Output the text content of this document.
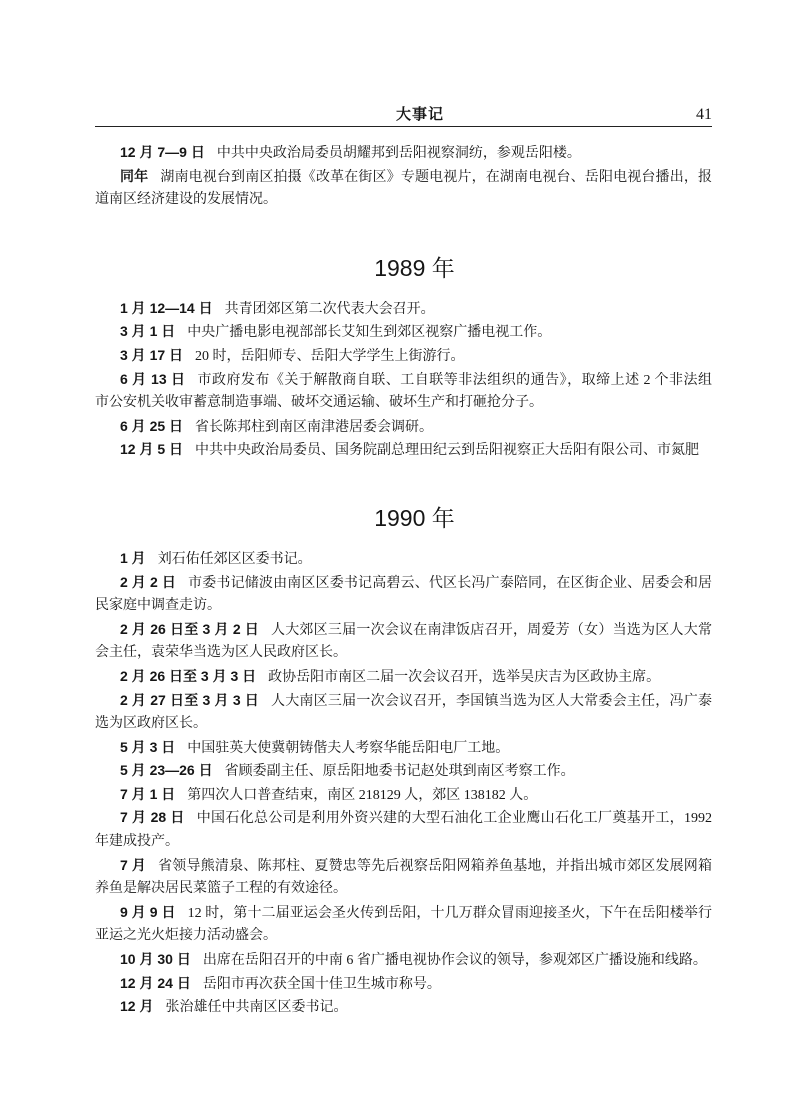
大事记	41
12 月 7—9 日 中共中央政治局委员胡耀邦到岳阳视察洞纺，参观岳阳楼。
同年 湖南电视台到南区拍摄《改革在街区》专题电视片，在湖南电视台、岳阳电视台播出，报
道南区经济建设的发展情况。
1989 年
1 月 12—14 日 共青团郊区第二次代表大会召开。
3 月 1 日 中央广播电影电视部部长艾知生到郊区视察广播电视工作。
3 月 17 日 20 时，岳阳师专、岳阳大学学生上街游行。
6 月 13 日 市政府发布《关于解散商自联、工自联等非法组织的通告》，取缔上述 2 个非法组
市公安机关收审蓄意制造事端、破坏交通运输、破坏生产和打砸抢分子。
6 月 25 日 省长陈邦柱到南区南津港居委会调研。
12 月 5 日 中共中央政治局委员、国务院副总理田纪云到岳阳视察正大岳阳有限公司、市氮肥
1990 年
1 月 刘石佑任郊区区委书记。
2 月 2 日 市委书记储波由南区区委书记高碧云、代区长冯广泰陪同，在区街企业、居委会和居
民家庭中调查走访。
2 月 26 日至 3 月 2 日 人大郊区三届一次会议在南津饭店召开，周爱芳（女）当选为区人大常
会主任，袁荣华当选为区人民政府区长。
2 月 26 日至 3 月 3 日 政协岳阳市南区二届一次会议召开，选举吴庆吉为区政协主席。
2 月 27 日至 3 月 3 日 人大南区三届一次会议召开，李国镇当选为区人大常委会主任，冯广泰
选为区政府区长。
5 月 3 日 中国驻英大使冀朝铸偕夫人考察华能岳阳电厂工地。
5 月 23—26 日 省顾委副主任、原岳阳地委书记赵处琪到南区考察工作。
7 月 1 日 第四次人口普查结束，南区 218129 人，郊区 138182 人。
7 月 28 日 中国石化总公司是利用外资兴建的大型石油化工企业鹰山石化工厂奠基开工，1992
年建成投产。
7 月 省领导熊清泉、陈邦柱、夏赞忠等先后视察岳阳网箱养鱼基地，并指出城市郊区发展网箱
养鱼是解决居民菜篮子工程的有效途径。
9 月 9 日 12 时，第十二届亚运会圣火传到岳阳，十几万群众冒雨迎接圣火，下午在岳阳楼举行
亚运之光火炬接力活动盛会。
10 月 30 日 出席在岳阳召开的中南 6 省广播电视协作会议的领导，参观郊区广播设施和线路。
12 月 24 日 岳阳市再次获全国十佳卫生城市称号。
12 月 张治雄任中共南区区委书记。
